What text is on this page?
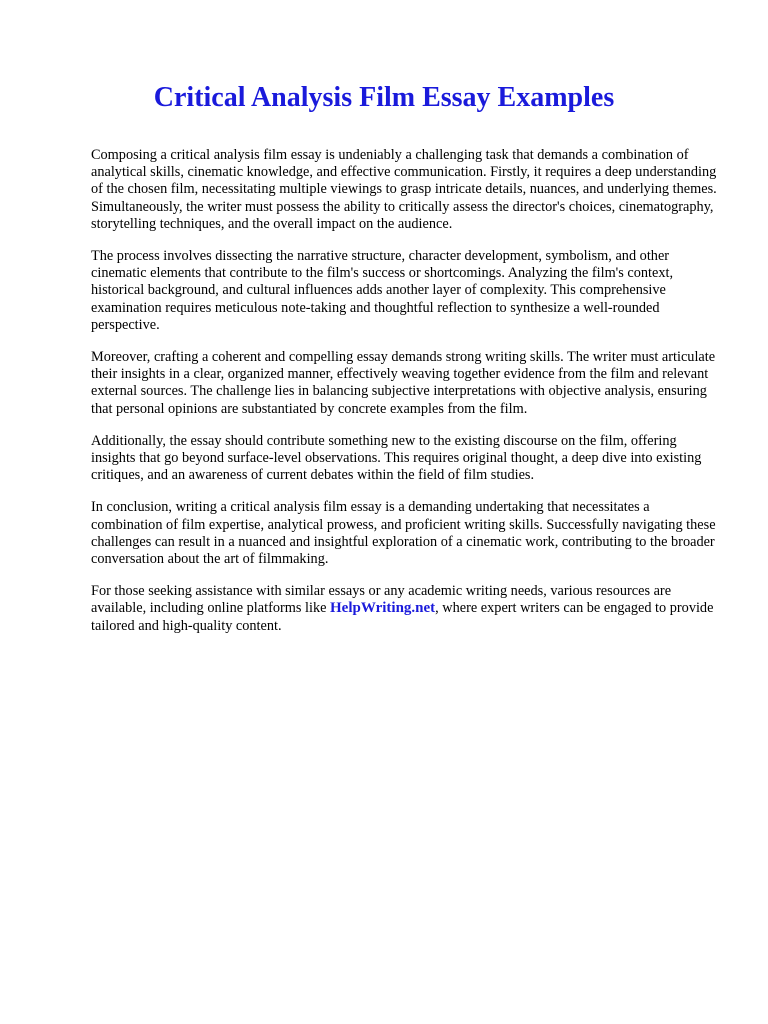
Critical Analysis Film Essay Examples

Composing a critical analysis film essay is undeniably a challenging task that demands a combination of analytical skills, cinematic knowledge, and effective communication. Firstly, it requires a deep understanding of the chosen film, necessitating multiple viewings to grasp intricate details, nuances, and underlying themes. Simultaneously, the writer must possess the ability to critically assess the director's choices, cinematography, storytelling techniques, and the overall impact on the audience.

The process involves dissecting the narrative structure, character development, symbolism, and other cinematic elements that contribute to the film's success or shortcomings. Analyzing the film's context, historical background, and cultural influences adds another layer of complexity. This comprehensive examination requires meticulous note-taking and thoughtful reflection to synthesize a well-rounded perspective.

Moreover, crafting a coherent and compelling essay demands strong writing skills. The writer must articulate their insights in a clear, organized manner, effectively weaving together evidence from the film and relevant external sources. The challenge lies in balancing subjective interpretations with objective analysis, ensuring that personal opinions are substantiated by concrete examples from the film.

Additionally, the essay should contribute something new to the existing discourse on the film, offering insights that go beyond surface-level observations. This requires original thought, a deep dive into existing critiques, and an awareness of current debates within the field of film studies.

In conclusion, writing a critical analysis film essay is a demanding undertaking that necessitates a combination of film expertise, analytical prowess, and proficient writing skills. Successfully navigating these challenges can result in a nuanced and insightful exploration of a cinematic work, contributing to the broader conversation about the art of filmmaking.

For those seeking assistance with similar essays or any academic writing needs, various resources are available, including online platforms like HelpWriting.net, where expert writers can be engaged to provide tailored and high-quality content.
